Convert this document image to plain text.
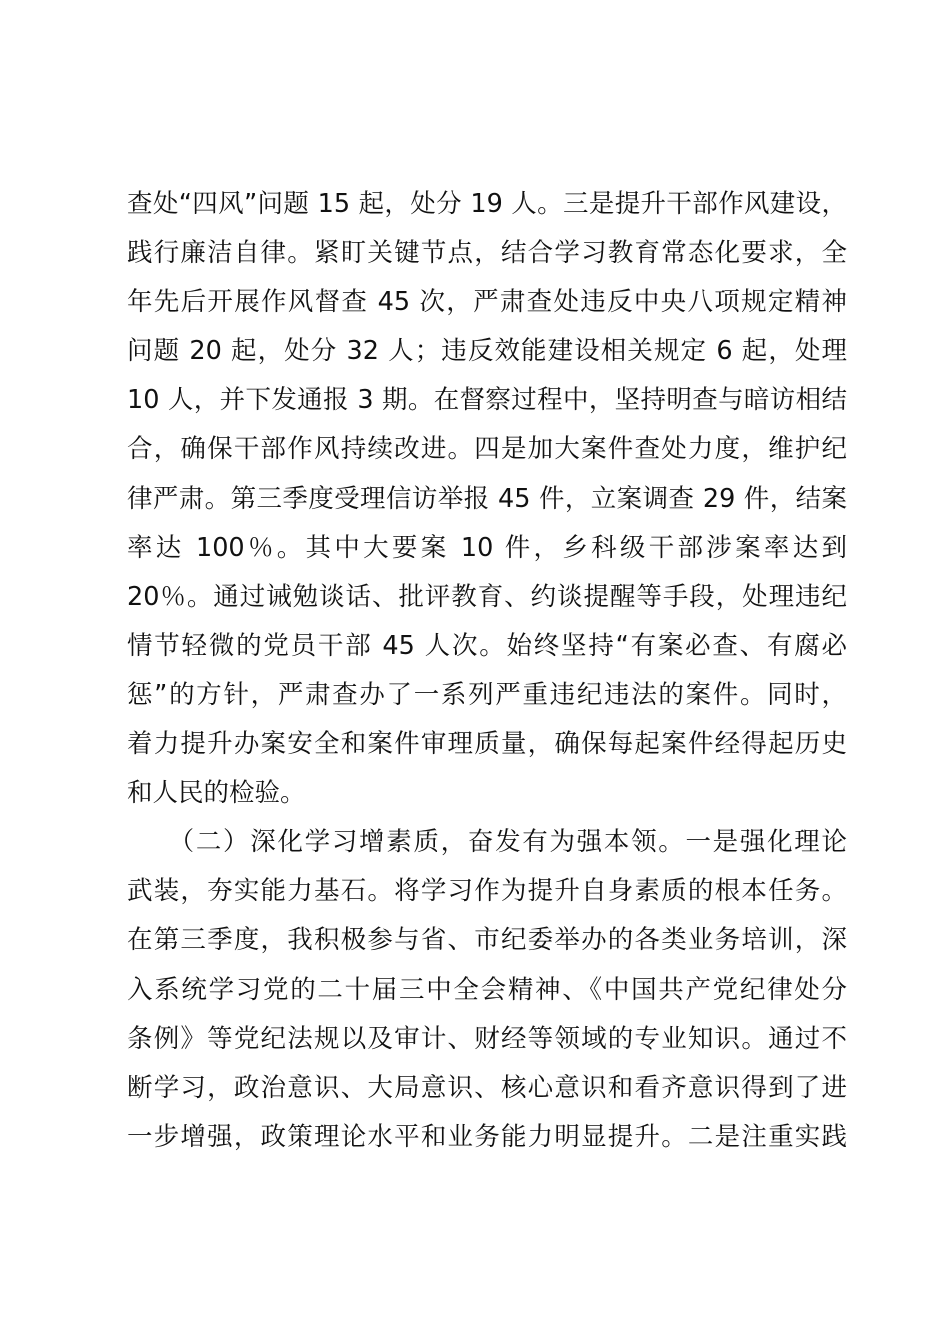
查处“四风”问题 15 起，处分 19 人。三是提升干部作风建设，
践行廉洁自律。紧盯关键节点，结合学习教育常态化要求，全
年先后开展作风督查 45 次，严肃查处违反中央八项规定精神
问题 20 起，处分 32 人；违反效能建设相关规定 6 起，处理
10 人，并下发通报 3 期。在督察过程中，坚持明查与暗访相结
合，确保干部作风持续改进。四是加大案件查处力度，维护纪
律严肃。第三季度受理信访举报 45 件，立案调查 29 件，结案
率达 100％。其中大要案 10 件，乡科级干部涉案率达到
20％。通过诫勉谈话、批评教育、约谈提醒等手段，处理违纪
情节轻微的党员干部 45 人次。始终坚持“有案必查、有腐必
惩”的方针，严肃查办了一系列严重违纪违法的案件。同时，
着力提升办案安全和案件审理质量，确保每起案件经得起历史
和人民的检验。
　　（二）深化学习增素质，奋发有为强本领。一是强化理论
武装，夯实能力基石。将学习作为提升自身素质的根本任务。
在第三季度，我积极参与省、市纪委举办的各类业务培训，深
入系统学习党的二十届三中全会精神、《中国共产党纪律处分
条例》等党纪法规以及审计、财经等领域的专业知识。通过不
断学习，政治意识、大局意识、核心意识和看齐意识得到了进
一步增强，政策理论水平和业务能力明显提升。二是注重实践
